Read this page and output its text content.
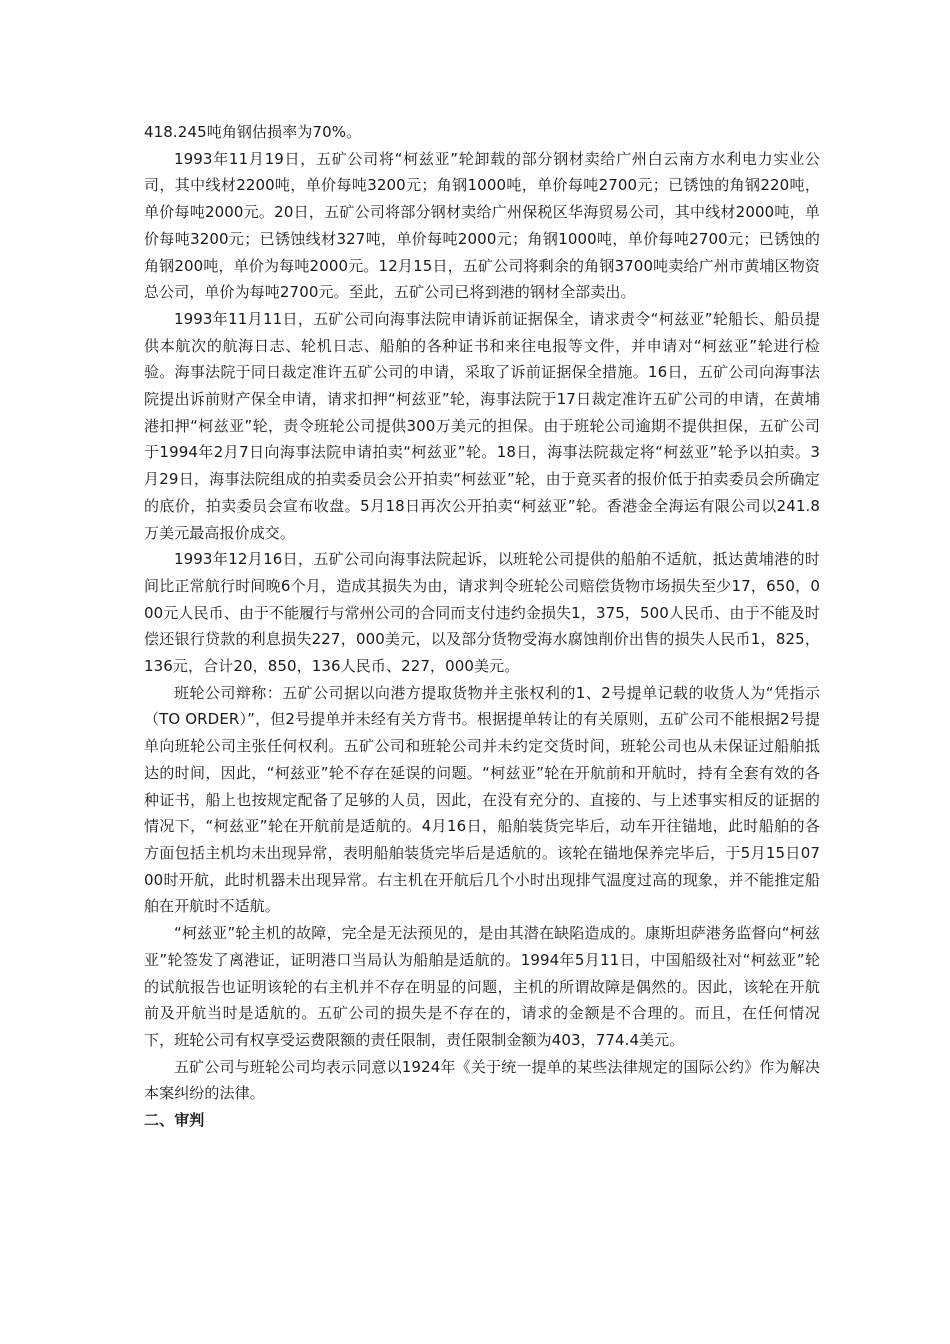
418.245吨角钢估损率为70%。

1993年11月19日，五矿公司将“柯兹亚”轮卸载的部分钢材卖给广州白云南方水利电力实业公司，其中线材2200吨，单价每吨3200元；角钢1000吨，单价每吨2700元；已锈蚀的角钢220吨，单价每吨2000元。20日，五矿公司将部分钢材卖给广州保税区华海贸易公司，其中线材2000吨，单价每吨3200元；已锈蚀线材327吨，单价每吨2000元；角钢1000吨，单价每吨2700元；已锈蚀的角钢200吨，单价为每吨2000元。12月15日，五矿公司将剩余的角钢3700吨卖给广州市黄埔区物资总公司，单价为每吨2700元。至此，五矿公司已将到港的钢材全部卖出。

1993年11月11日，五矿公司向海事法院申请诉前证据保全，请求责令“柯兹亚”轮船长、船员提供本航次的航海日志、轮机日志、船舶的各种证书和来往电报等文件，并申请对“柯兹亚”轮进行检验。海事法院于同日裁定准许五矿公司的申请，采取了诉前证据保全措施。16日，五矿公司向海事法院提出诉前财产保全申请，请求扣押“柯兹亚”轮，海事法院于17日裁定准许五矿公司的申请，在黄埔港扣押“柯兹亚”轮，责令班轮公司提供300万美元的担保。由于班轮公司逾期不提供担保，五矿公司于1994年2月7日向海事法院申请拍卖“柯兹亚”轮。18日，海事法院裁定将“柯兹亚”轮予以拍卖。3月29日，海事法院组成的拍卖委员会公开拍卖“柯兹亚”轮，由于竟买者的报价低于拍卖委员会所确定的底价，拍卖委员会宣布收盘。5月18日再次公开拍卖“柯兹亚”轮。香港金全海运有限公司以241.8万美元最高报价成交。

1993年12月16日，五矿公司向海事法院起诉，以班轮公司提供的船舶不适航，抵达黄埔港的时间比正常航行时间晚6个月，造成其损失为由，请求判令班轮公司赔偿货物市场损失至少17，650，000元人民币、由于不能履行与常州公司的合同而支付违约金损失1，375，500人民币、由于不能及时偿还银行贷款的利息损失227，000美元，以及部分货物受海水腐蚀削价出售的损失人民币1，825，136元，合计20，850，136人民币、227，000美元。

班轮公司辩称：五矿公司据以向港方提取货物并主张权利的1、2号提单记载的收货人为“凭指示（TO ORDER）”，但2号提单并未经有关方背书。根据提单转让的有关原则，五矿公司不能根据2号提单向班轮公司主张任何权利。五矿公司和班轮公司并未约定交货时间，班轮公司也从未保证过船舶抵达的时间，因此，“柯兹亚”轮不存在延误的问题。“柯兹亚”轮在开航前和开航时，持有全套有效的各种证书，船上也按规定配备了足够的人员，因此，在没有充分的、直接的、与上述事实相反的证据的情况下，“柯兹亚”轮在开航前是适航的。4月16日，船舶装货完毕后，动车开往锚地，此时船舶的各方面包括主机均未出现异常，表明船舶装货完毕后是适航的。该轮在锚地保养完毕后，于5月15日0700时开航，此时机器未出现异常。右主机在开航后几个小时出现排气温度过高的现象，并不能推定船舶在开航时不适航。

“柯兹亚”轮主机的故障，完全是无法预见的，是由其潜在缺陷造成的。康斯坦萨港务监督向“柯兹亚”轮签发了离港证，证明港口当局认为船舶是适航的。1994年5月11日，中国船级社对“柯兹亚”轮的试航报告也证明该轮的右主机并不存在明显的问题，主机的所谓故障是偶然的。因此，该轮在开航前及开航当时是适航的。五矿公司的损失是不存在的，请求的金额是不合理的。而且，在任何情况下，班轮公司有权享受运费限额的责任限制，责任限制金额为403，774.4美元。

五矿公司与班轮公司均表示同意以1924年《关于统一提单的某些法律规定的国际公约》作为解决本案纠纷的法律。

二、审判
